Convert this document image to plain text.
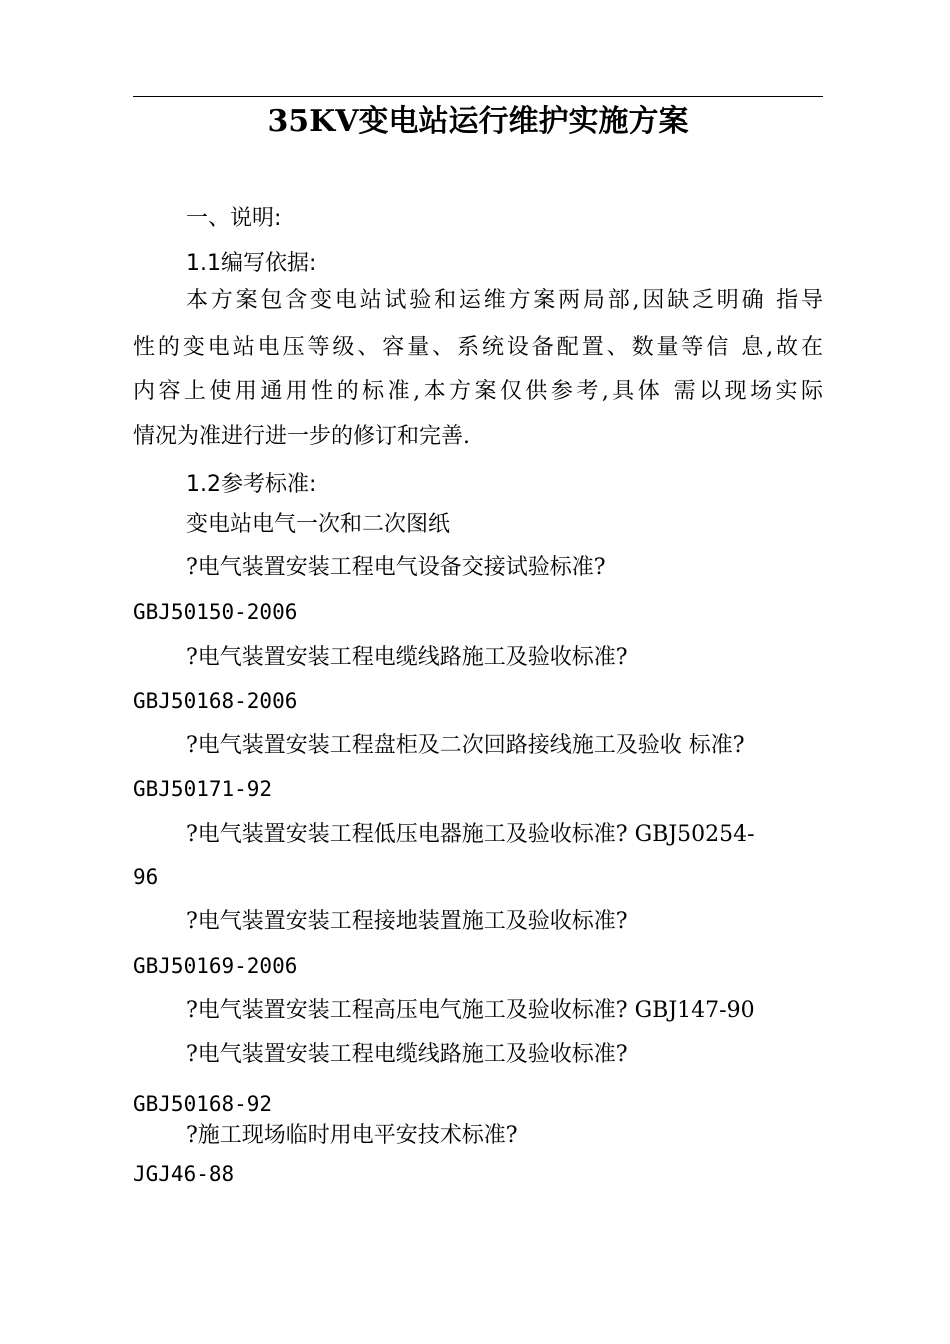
35KV变电站运行维护实施方案
一、说明:
1.1编写依据:
本方案包含变电站试验和运维方案两局部,因缺乏明确 指导
性的变电站电压等级、容量、系统设备配置、数量等信 息,故在
内容上使用通用性的标准,本方案仅供参考,具体 需以现场实际
情况为准进行进一步的修订和完善.
1.2参考标准:
变电站电气一次和二次图纸
?电气装置安装工程电气设备交接试验标准?
GBJ50150-2006
?电气装置安装工程电缆线路施工及验收标准?
GBJ50168-2006
?电气装置安装工程盘柜及二次回路接线施工及验收 标准?
GBJ50171-92
?电气装置安装工程低压电器施工及验收标准? GBJ50254-
96
?电气装置安装工程接地装置施工及验收标准?
GBJ50169-2006
?电气装置安装工程高压电气施工及验收标准? GBJ147-90
?电气装置安装工程电缆线路施工及验收标准?
GBJ50168-92
?施工现场临时用电平安技术标准?
JGJ46-88
